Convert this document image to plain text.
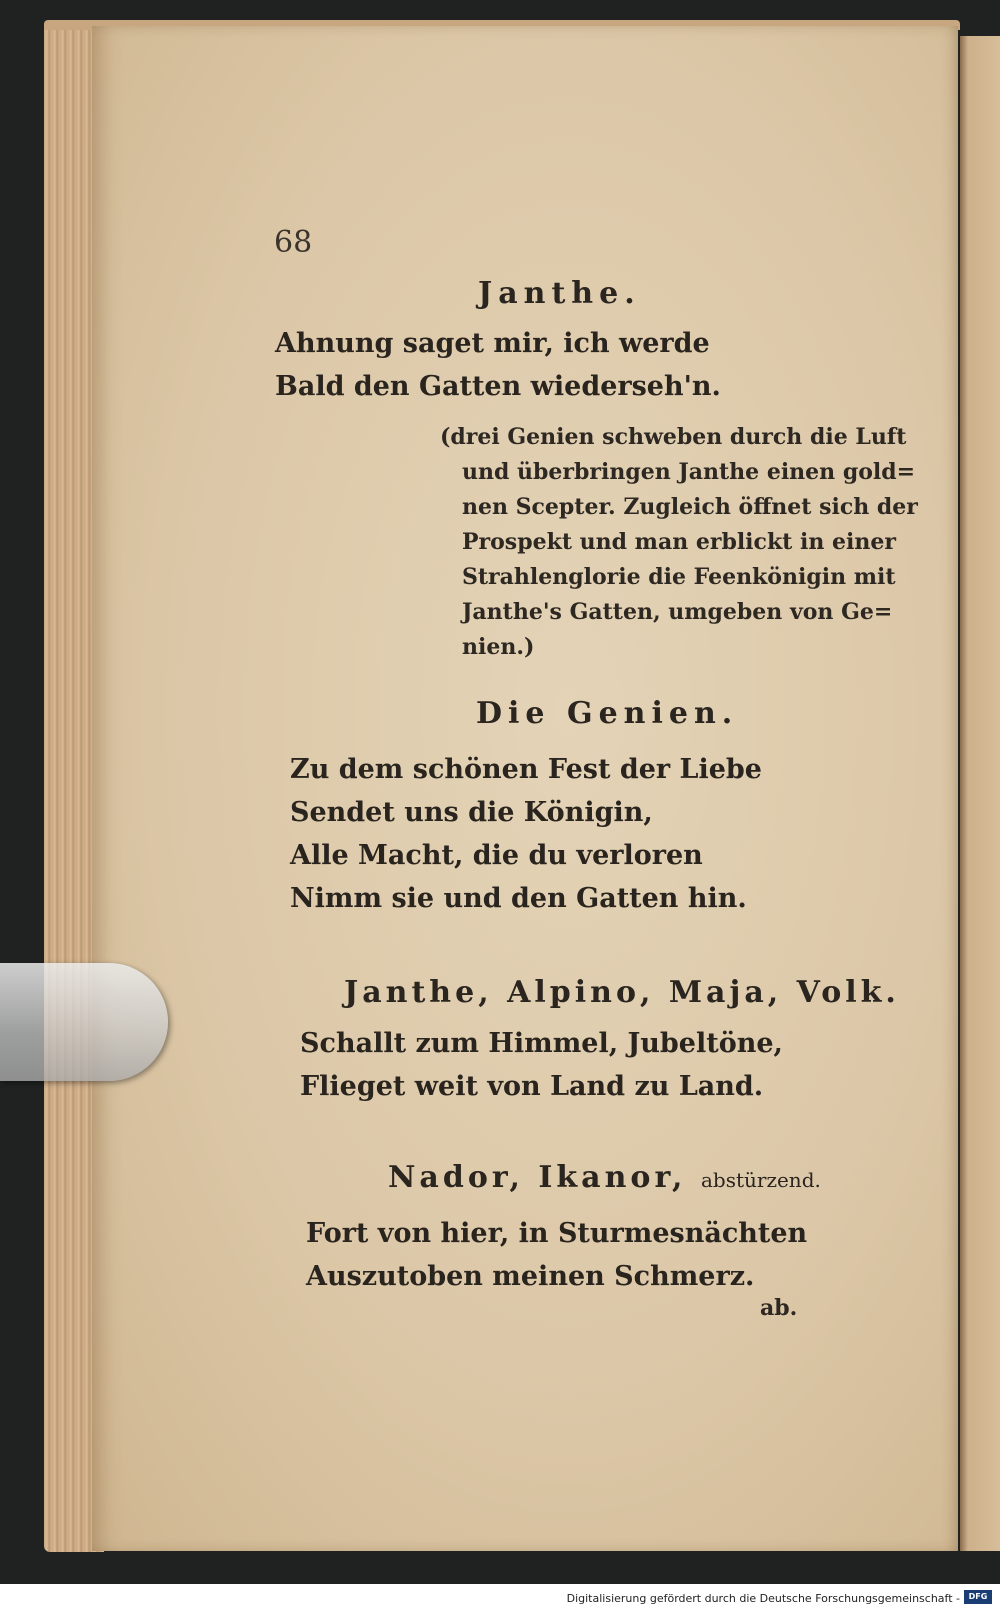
68
Janthe.
Ahnung saget mir, ich werde
Bald den Gatten wiederseh'n.
(drei Genien schweben durch die Luft
und überbringen Janthe einen gold=
nen Scepter. Zugleich öffnet sich der
Prospekt und man erblickt in einer
Strahlenglorie die Feenkönigin mit
Janthe's Gatten, umgeben von Ge=
nien.)
Die Genien.
Zu dem schönen Fest der Liebe
Sendet uns die Königin,
Alle Macht, die du verloren
Nimm sie und den Gatten hin.
Janthe, Alpino, Maja, Volk.
Schallt zum Himmel, Jubeltöne,
Flieget weit von Land zu Land.
Nador, Ikanor, abstürzend.
Fort von hier, in Sturmesnächten
Auszutoben meinen Schmerz.
ab.
Digitalisierung gefördert durch die Deutsche Forschungsgemeinschaft -	DFG
